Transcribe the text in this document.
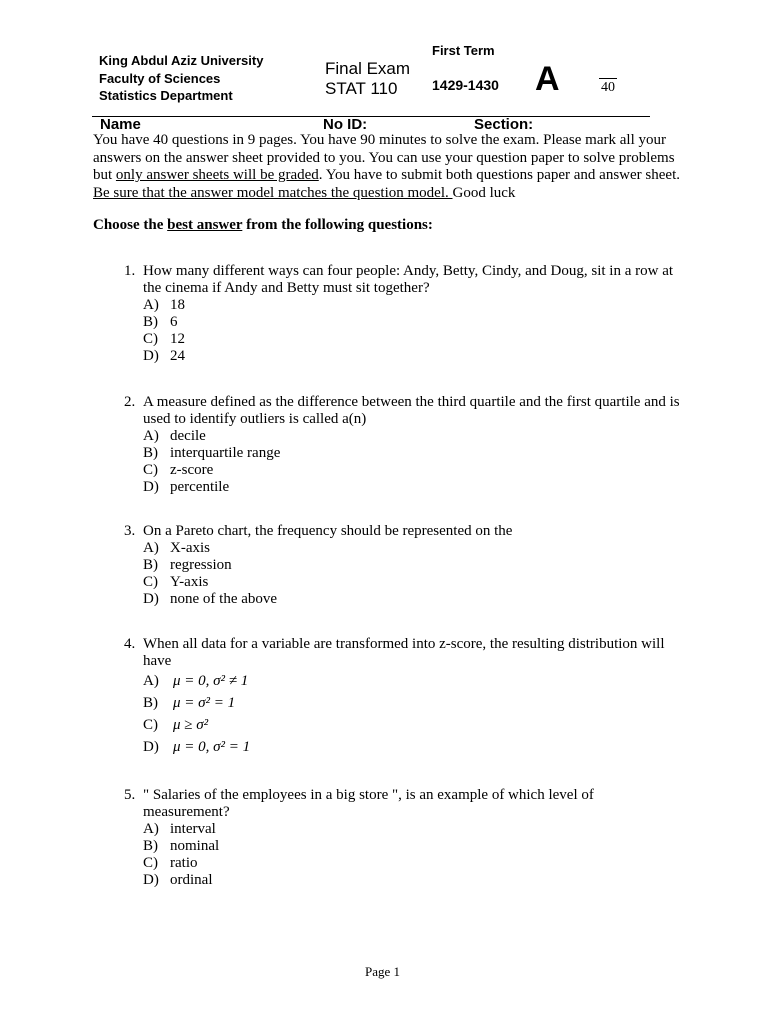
King Abdul Aziz University
Faculty of Sciences
Statistics Department
Final Exam
STAT 110
First Term
1429-1430 A	40
Name	No ID:	Section:

You have 40 questions in 9 pages. You have 90 minutes to solve the exam. Please mark all your answers on the answer sheet provided to you. You can use your question paper to solve problems but only answer sheets will be graded. You have to submit both questions paper and answer sheet. Be sure that the answer model matches the question model. Good luck

Choose the best answer from the following questions:
1. How many different ways can four people: Andy, Betty, Cindy, and Doug, sit in a row at the cinema if Andy and Betty must sit together?
A) 18
B) 6
C) 12
D) 24
2. A measure defined as the difference between the third quartile and the first quartile and is used to identify outliers is called a(n)
A) decile
B) interquartile range
C) z-score
D) percentile
3. On a Pareto chart, the frequency should be represented on the
A) X-axis
B) regression
C) Y-axis
D) none of the above
4. When all data for a variable are transformed into z-score, the resulting distribution will have
A) μ = 0, σ² ≠ 1
B) μ = σ² = 1
C) μ ≥ σ²
D) μ = 0, σ² = 1
5. " Salaries of the employees in a big store ", is an example of which level of measurement?
A) interval
B) nominal
C) ratio
D) ordinal
Page 1
